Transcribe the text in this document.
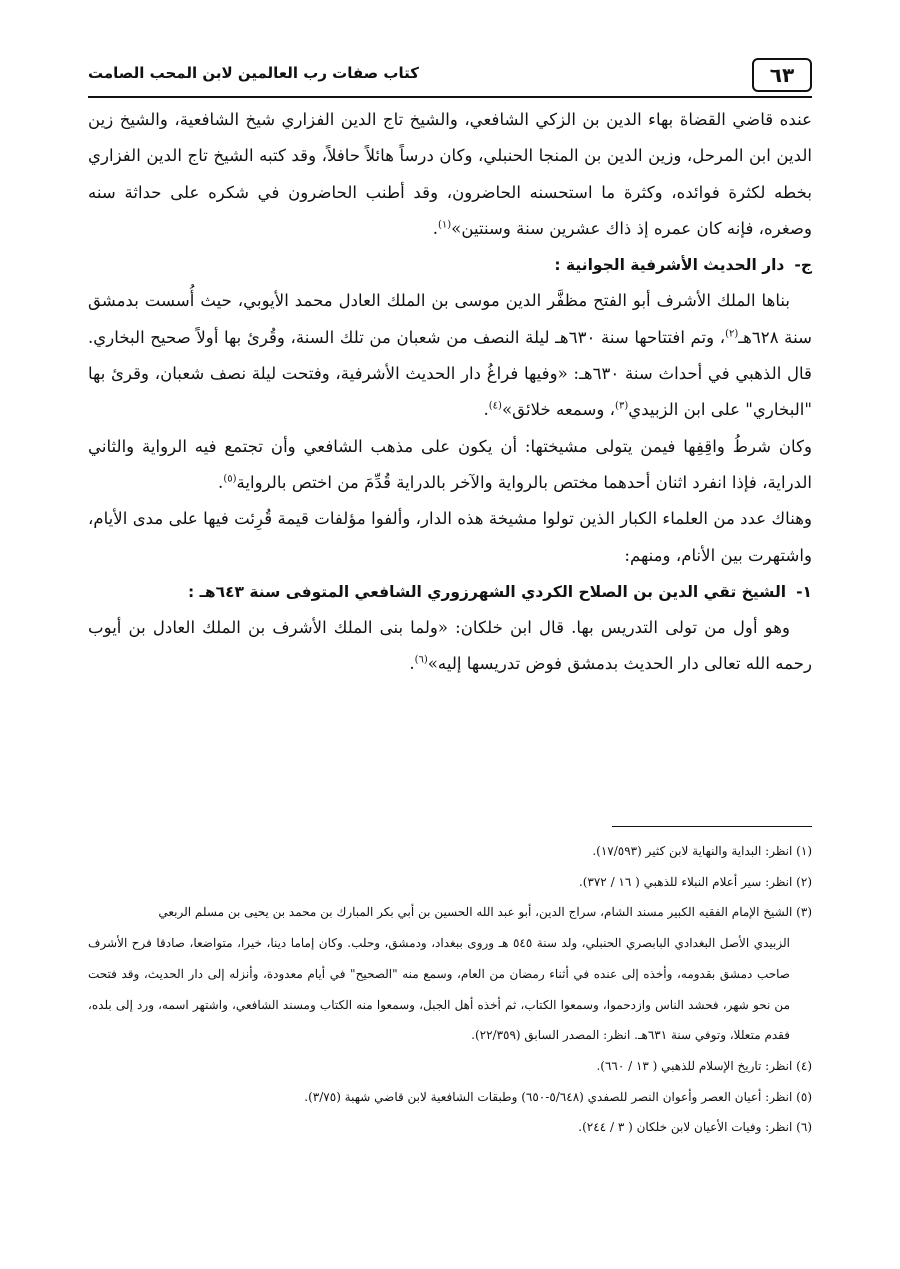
٦٣
كتاب صفات رب العالمين لابن المحب الصامت

عنده قاضي القضاة بهاء الدين بن الزكي الشافعي، والشيخ تاج الدين الفزاري شيخ الشافعية، والشيخ زين الدين ابن المرحل، وزين الدين بن المنجا الحنبلي، وكان درساً هائلاً حافلاً، وقد كتبه الشيخ تاج الدين الفزاري بخطه لكثرة فوائده، وكثرة ما استحسنه الحاضرون، وقد أطنب الحاضرون في شكره على حداثة سنه وصغره، فإنه كان عمره إذ ذاك عشرين سنة وسنتين»$^{(١)}$.

ج-دار الحديث الأشرفية الجوانية :

بناها الملك الأشرف أبو الفتح مظفَّر الدين موسى بن الملك العادل محمد الأيوبي، حيث أُسست بدمشق سنة ٦٢٨هـ$^{(٢)}$، وتم افتتاحها سنة ٦٣٠هـ ليلة النصف من شعبان من تلك السنة، وقُرئ بها أولاً صحيح البخاري. قال الذهبي في أحداث سنة ٦٣٠هـ: «وفيها فراغُ دار الحديث الأشرفية، وفتحت ليلة نصف شعبان، وقرئ بها "البخاري" على ابن الزبيدي$^{(٣)}$، وسمعه خلائق»$^{(٤)}$.

وكان شرطُ واقِفِها فيمن يتولى مشيختها: أن يكون على مذهب الشافعي وأن تجتمع فيه الرواية والثاني الدراية، فإذا انفرد اثنان أحدهما مختص بالرواية والآخر بالدراية قُدِّمَ من اختص بالرواية$^{(٥)}$.

وهناك عدد من العلماء الكبار الذين تولوا مشيخة هذه الدار، وألفوا مؤلفات قيمة قُرِئت فيها على مدى الأيام، واشتهرت بين الأنام، ومنهم:

١-الشيخ تقي الدين بن الصلاح الكردي الشهرزوري الشافعي المتوفى سنة ٦٤٣هـ :

وهو أول من تولى التدريس بها. قال ابن خلكان: «ولما بنى الملك الأشرف بن الملك العادل بن أيوب رحمه الله تعالى دار الحديث بدمشق فوض تدريسها إليه»$^{(٦)}$.

(١) انظر: البداية والنهاية لابن كثير (١٧/٥٩٣).

(٢) انظر: سير أعلام النبلاء للذهبي ( ١٦ / ٣٧٢).

(٣) الشيخ الإمام الفقيه الكبير مسند الشام، سراج الدين، أبو عبد الله الحسين بن أبي بكر المبارك بن محمد بن يحيى بن مسلم الربعي
الزبيدي الأصل البغدادي البابصري الحنبلي، ولد سنة ٥٤٥ هـ وروى ببغداد، ودمشق، وحلب. وكان إماما دينا، خيرا، متواضعا، صادقا فرح الأشرف صاحب دمشق بقدومه، وأخذه إلى عنده في أثناء رمضان من العام، وسمع منه "الصحيح" في أيام معدودة، وأنزله إلى دار الحديث، وقد فتحت من نحو شهر، فحشد الناس وازدحموا، وسمعوا الكتاب، ثم أخذه أهل الجبل، وسمعوا منه الكتاب ومسند الشافعي، واشتهر اسمه، ورد إلى بلده، فقدم متعللا، وتوفي سنة ٦٣١هـ. انظر: المصدر السابق (٢٢/٣٥٩).

(٤) انظر: تاريخ الإسلام للذهبي ( ١٣ / ٦٦٠).

(٥) انظر: أعيان العصر وأعوان النصر للصفدي (٥/٦٤٨-٦٥٠) وطبقات الشافعية لابن قاضي شهبة (٣/٧٥).

(٦) انظر: وفيات الأعيان لابن خلكان ( ٣ / ٢٤٤).
